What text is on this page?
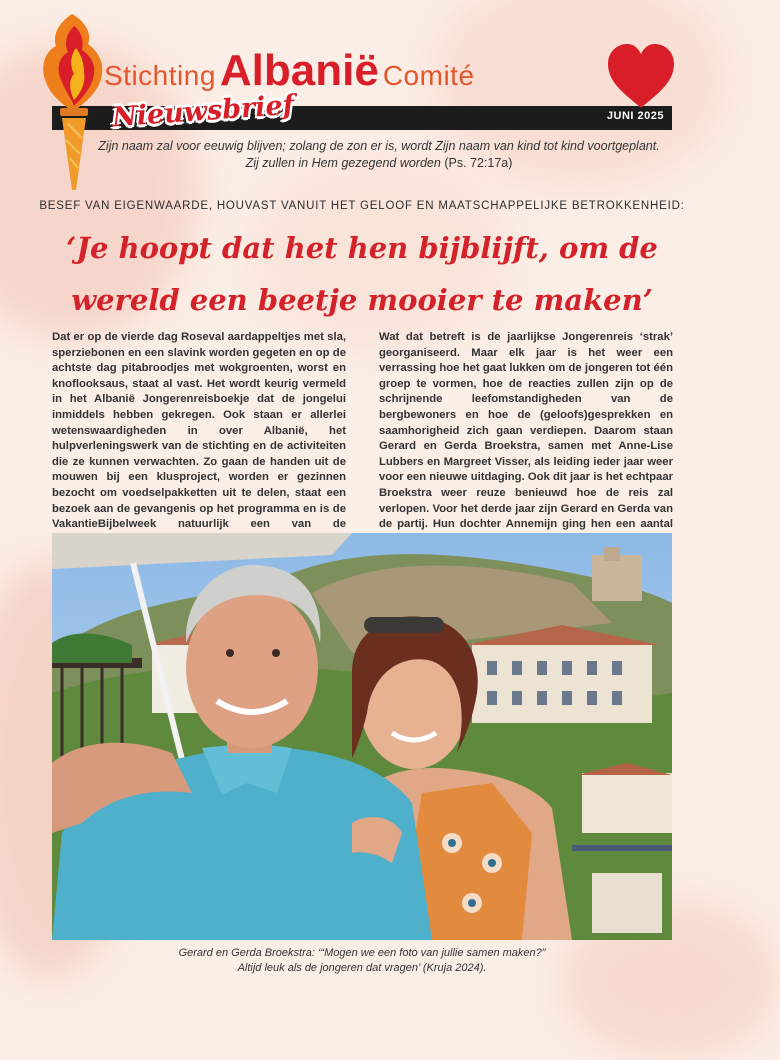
JUNI 2025
StichtingAlbanië Comité
Nieuwsbrief
Zijn naam zal voor eeuwig blijven; zolang de zon er is, wordt Zijn naam van kind tot kind voortgeplant.
Zij zullen in Hem gezegend worden (Ps. 72:17a)
BESEF VAN EIGENWAARDE, HOUVAST VANUIT HET GELOOF EN MAATSCHAPPELIJKE BETROKKENHEID:
‘Je hoopt dat het hen bijblijft, om de
wereld een beetje mooier te maken’
Dat er op de vierde dag Roseval aardappeltjes met sla, sperziebonen en een slavink worden gegeten en op de achtste dag pitabroodjes met wokgroenten, worst en knoflooksaus, staat al vast. Het wordt keurig vermeld in het Albanië Jongerenreisboekje dat de jongelui inmiddels hebben gekregen. Ook staan er allerlei wetenswaardigheden in over Albanië, het hulpverleningswerk van de stichting en de activiteiten die ze kunnen verwachten. Zo gaan de handen uit de mouwen bij een klusproject, worden er gezinnen bezocht om voedselpakketten uit te delen, staat een bezoek aan de gevangenis op het programma en is de VakantieBijbelweek natuurlijk een van de
Wat dat betreft is de jaarlijkse Jongerenreis ‘strak’ georganiseerd. Maar elk jaar is het weer een verrassing hoe het gaat lukken om de jongeren tot één groep te vormen, hoe de reacties zullen zijn op de schrijnende leefomstandigheden van de bergbewoners en hoe de (geloofs)gesprekken en saamhorigheid zich gaan verdiepen. Daarom staan Gerard en Gerda Broekstra, samen met Anne-Lise Lubbers en Margreet Visser, als leiding ieder jaar weer voor een nieuwe uitdaging. Ook dit jaar is het echtpaar Broekstra weer reuze benieuwd hoe de reis zal verlopen. Voor het derde jaar zijn Gerard en Gerda van de partij. Hun dochter Annemijn ging hen een aantal
Gerard en Gerda Broekstra: ‘“Mogen we een foto van jullie samen maken?”
Altijd leuk als de jongeren dat vragen’ (Kruja 2024).
